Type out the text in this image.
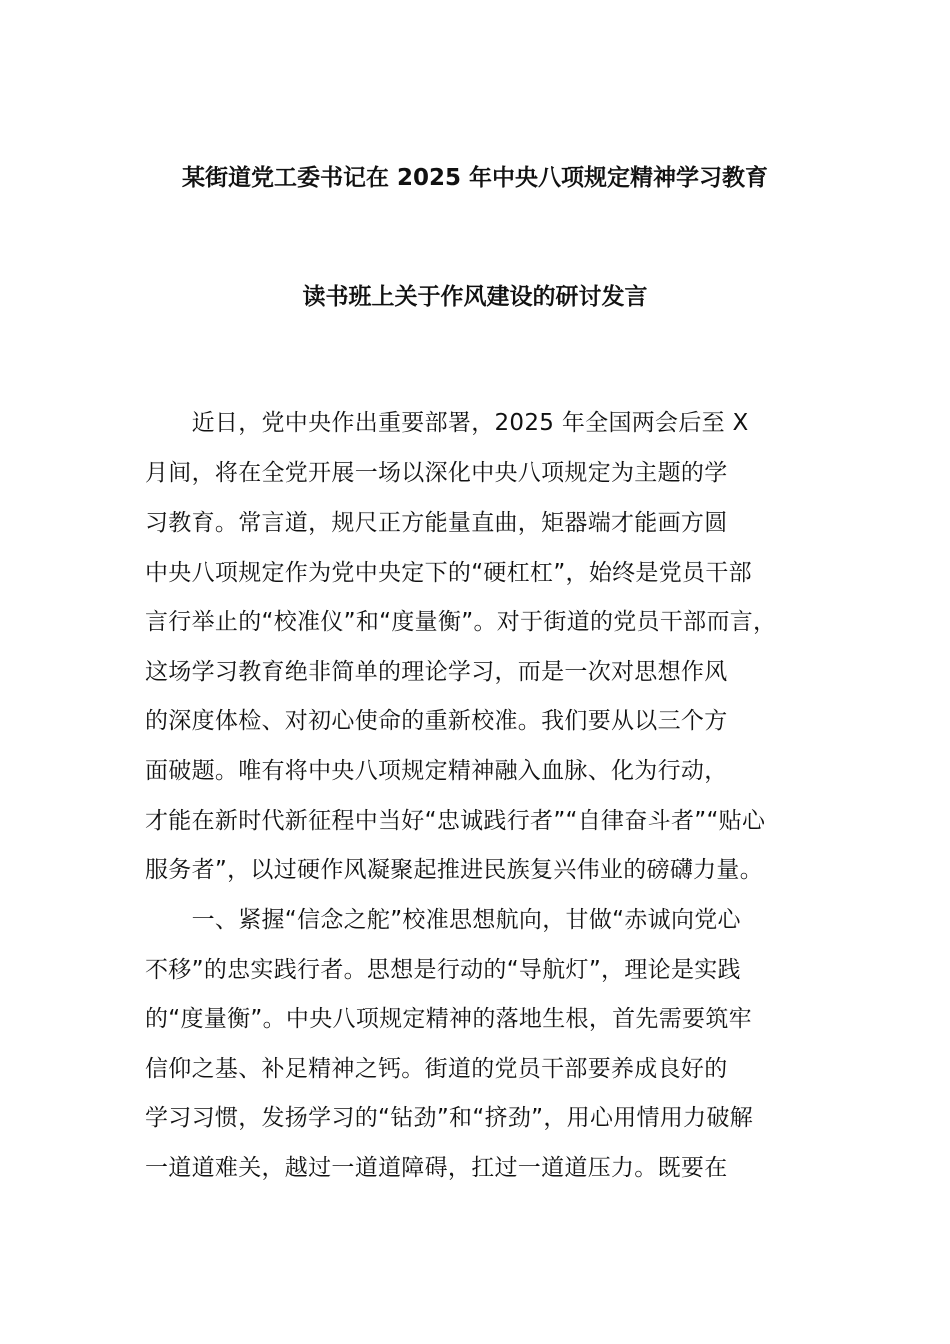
某街道党工委书记在 2025 年中央八项规定精神学习教育
读书班上关于作风建设的研讨发言
　　近日，党中央作出重要部署，2025 年全国两会后至 X
月间，将在全党开展一场以深化中央八项规定为主题的学
习教育。常言道，规尺正方能量直曲，矩器端才能画方圆
中央八项规定作为党中央定下的“硬杠杠”，始终是党员干部
言行举止的“校准仪”和“度量衡”。对于街道的党员干部而言，
这场学习教育绝非简单的理论学习，而是一次对思想作风
的深度体检、对初心使命的重新校准。我们要从以三个方
面破题。唯有将中央八项规定精神融入血脉、化为行动，
才能在新时代新征程中当好“忠诚践行者”“自律奋斗者”“贴心
服务者”，以过硬作风凝聚起推进民族复兴伟业的磅礴力量。
　　一、紧握“信念之舵”校准思想航向，甘做“赤诚向党心
不移”的忠实践行者。思想是行动的“导航灯”，理论是实践
的“度量衡”。中央八项规定精神的落地生根，首先需要筑牢
信仰之基、补足精神之钙。街道的党员干部要养成良好的
学习习惯，发扬学习的“钻劲”和“挤劲”，用心用情用力破解
一道道难关，越过一道道障碍，扛过一道道压力。既要在
